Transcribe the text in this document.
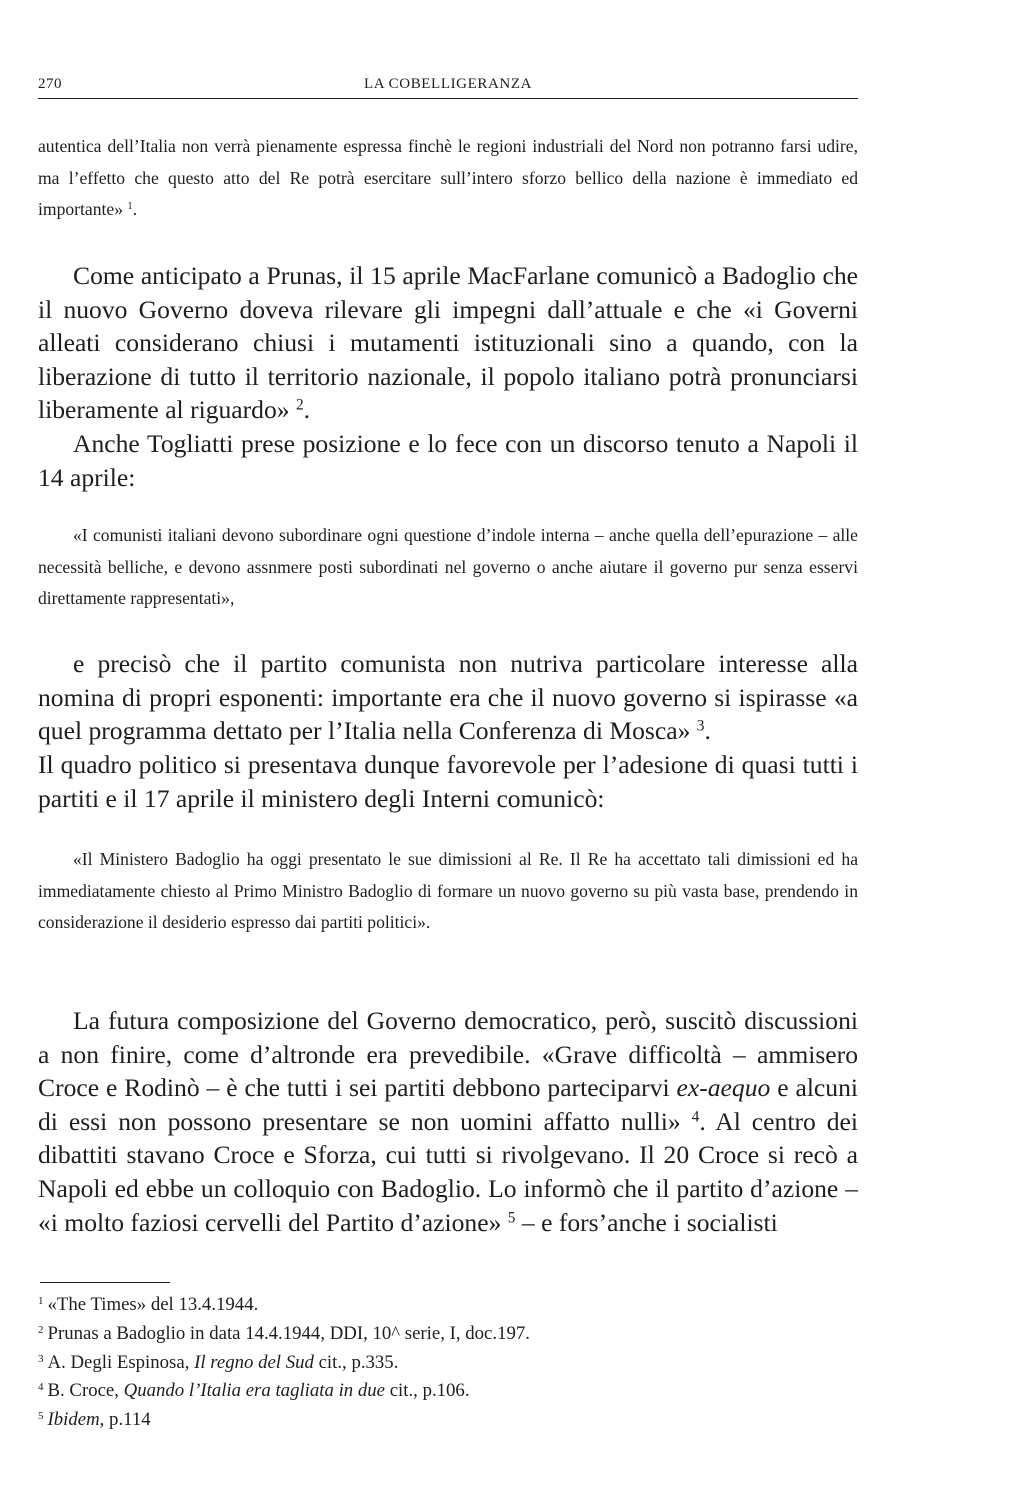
270	LA COBELLIGERANZA

autentica dell’Italia non verrà pienamente espressa finchè le regioni industriali del Nord non potranno farsi udire, ma l’effetto che questo atto del Re potrà esercitare sull’intero sforzo bellico della nazione è immediato ed importante» $^1$.

Come anticipato a Prunas, il 15 aprile MacFarlane comunicò a Badoglio che il nuovo Governo doveva rilevare gli impegni dall’attuale e che «i Governi alleati considerano chiusi i mutamenti istituzionali sino a quando, con la liberazione di tutto il territorio nazionale, il popolo italiano potrà pronunciarsi liberamente al riguardo» $^2$.

Anche Togliatti prese posizione e lo fece con un discorso tenuto a Napoli il 14 aprile:

«I comunisti italiani devono subordinare ogni questione d’indole interna – anche quella dell’epurazione – alle necessità belliche, e devono assnmere posti subordinati nel governo o anche aiutare il governo pur senza esservi direttamente rappresentati»,

e precisò che il partito comunista non nutriva particolare interesse alla nomina di propri esponenti: importante era che il nuovo governo si ispirasse «a quel programma dettato per l’Italia nella Conferenza di Mosca» $^3$.

Il quadro politico si presentava dunque favorevole per l’adesione di quasi tutti i partiti e il 17 aprile il ministero degli Interni comunicò:

«Il Ministero Badoglio ha oggi presentato le sue dimissioni al Re. Il Re ha accettato tali dimissioni ed ha immediatamente chiesto al Primo Ministro Badoglio di formare un nuovo governo su più vasta base, prendendo in considerazione il desiderio espresso dai partiti politici».

La futura composizione del Governo democratico, però, suscitò discussioni a non finire, come d’altronde era prevedibile. «Grave difficoltà – ammisero Croce e Rodinò – è che tutti i sei partiti debbono parteciparvi ex-aequo e alcuni di essi non possono presentare se non uomini affatto nulli» $^4$. Al centro dei dibattiti stavano Croce e Sforza, cui tutti si rivolgevano. Il 20 Croce si recò a Napoli ed ebbe un colloquio con Badoglio. Lo informò che il partito d’azione – «i molto faziosi cervelli del Partito d’azione» $^5$ – e fors’anche i socialisti

$^1$ «The Times» del 13.4.1944.
$^2$ Prunas a Badoglio in data 14.4.1944, DDI, 10^ serie, I, doc.197.
$^3$ A. Degli Espinosa, Il regno del Sud cit., p.335.
$^4$ B. Croce, Quando l’Italia era tagliata in due cit., p.106.
$^5$ Ibidem, p.114
